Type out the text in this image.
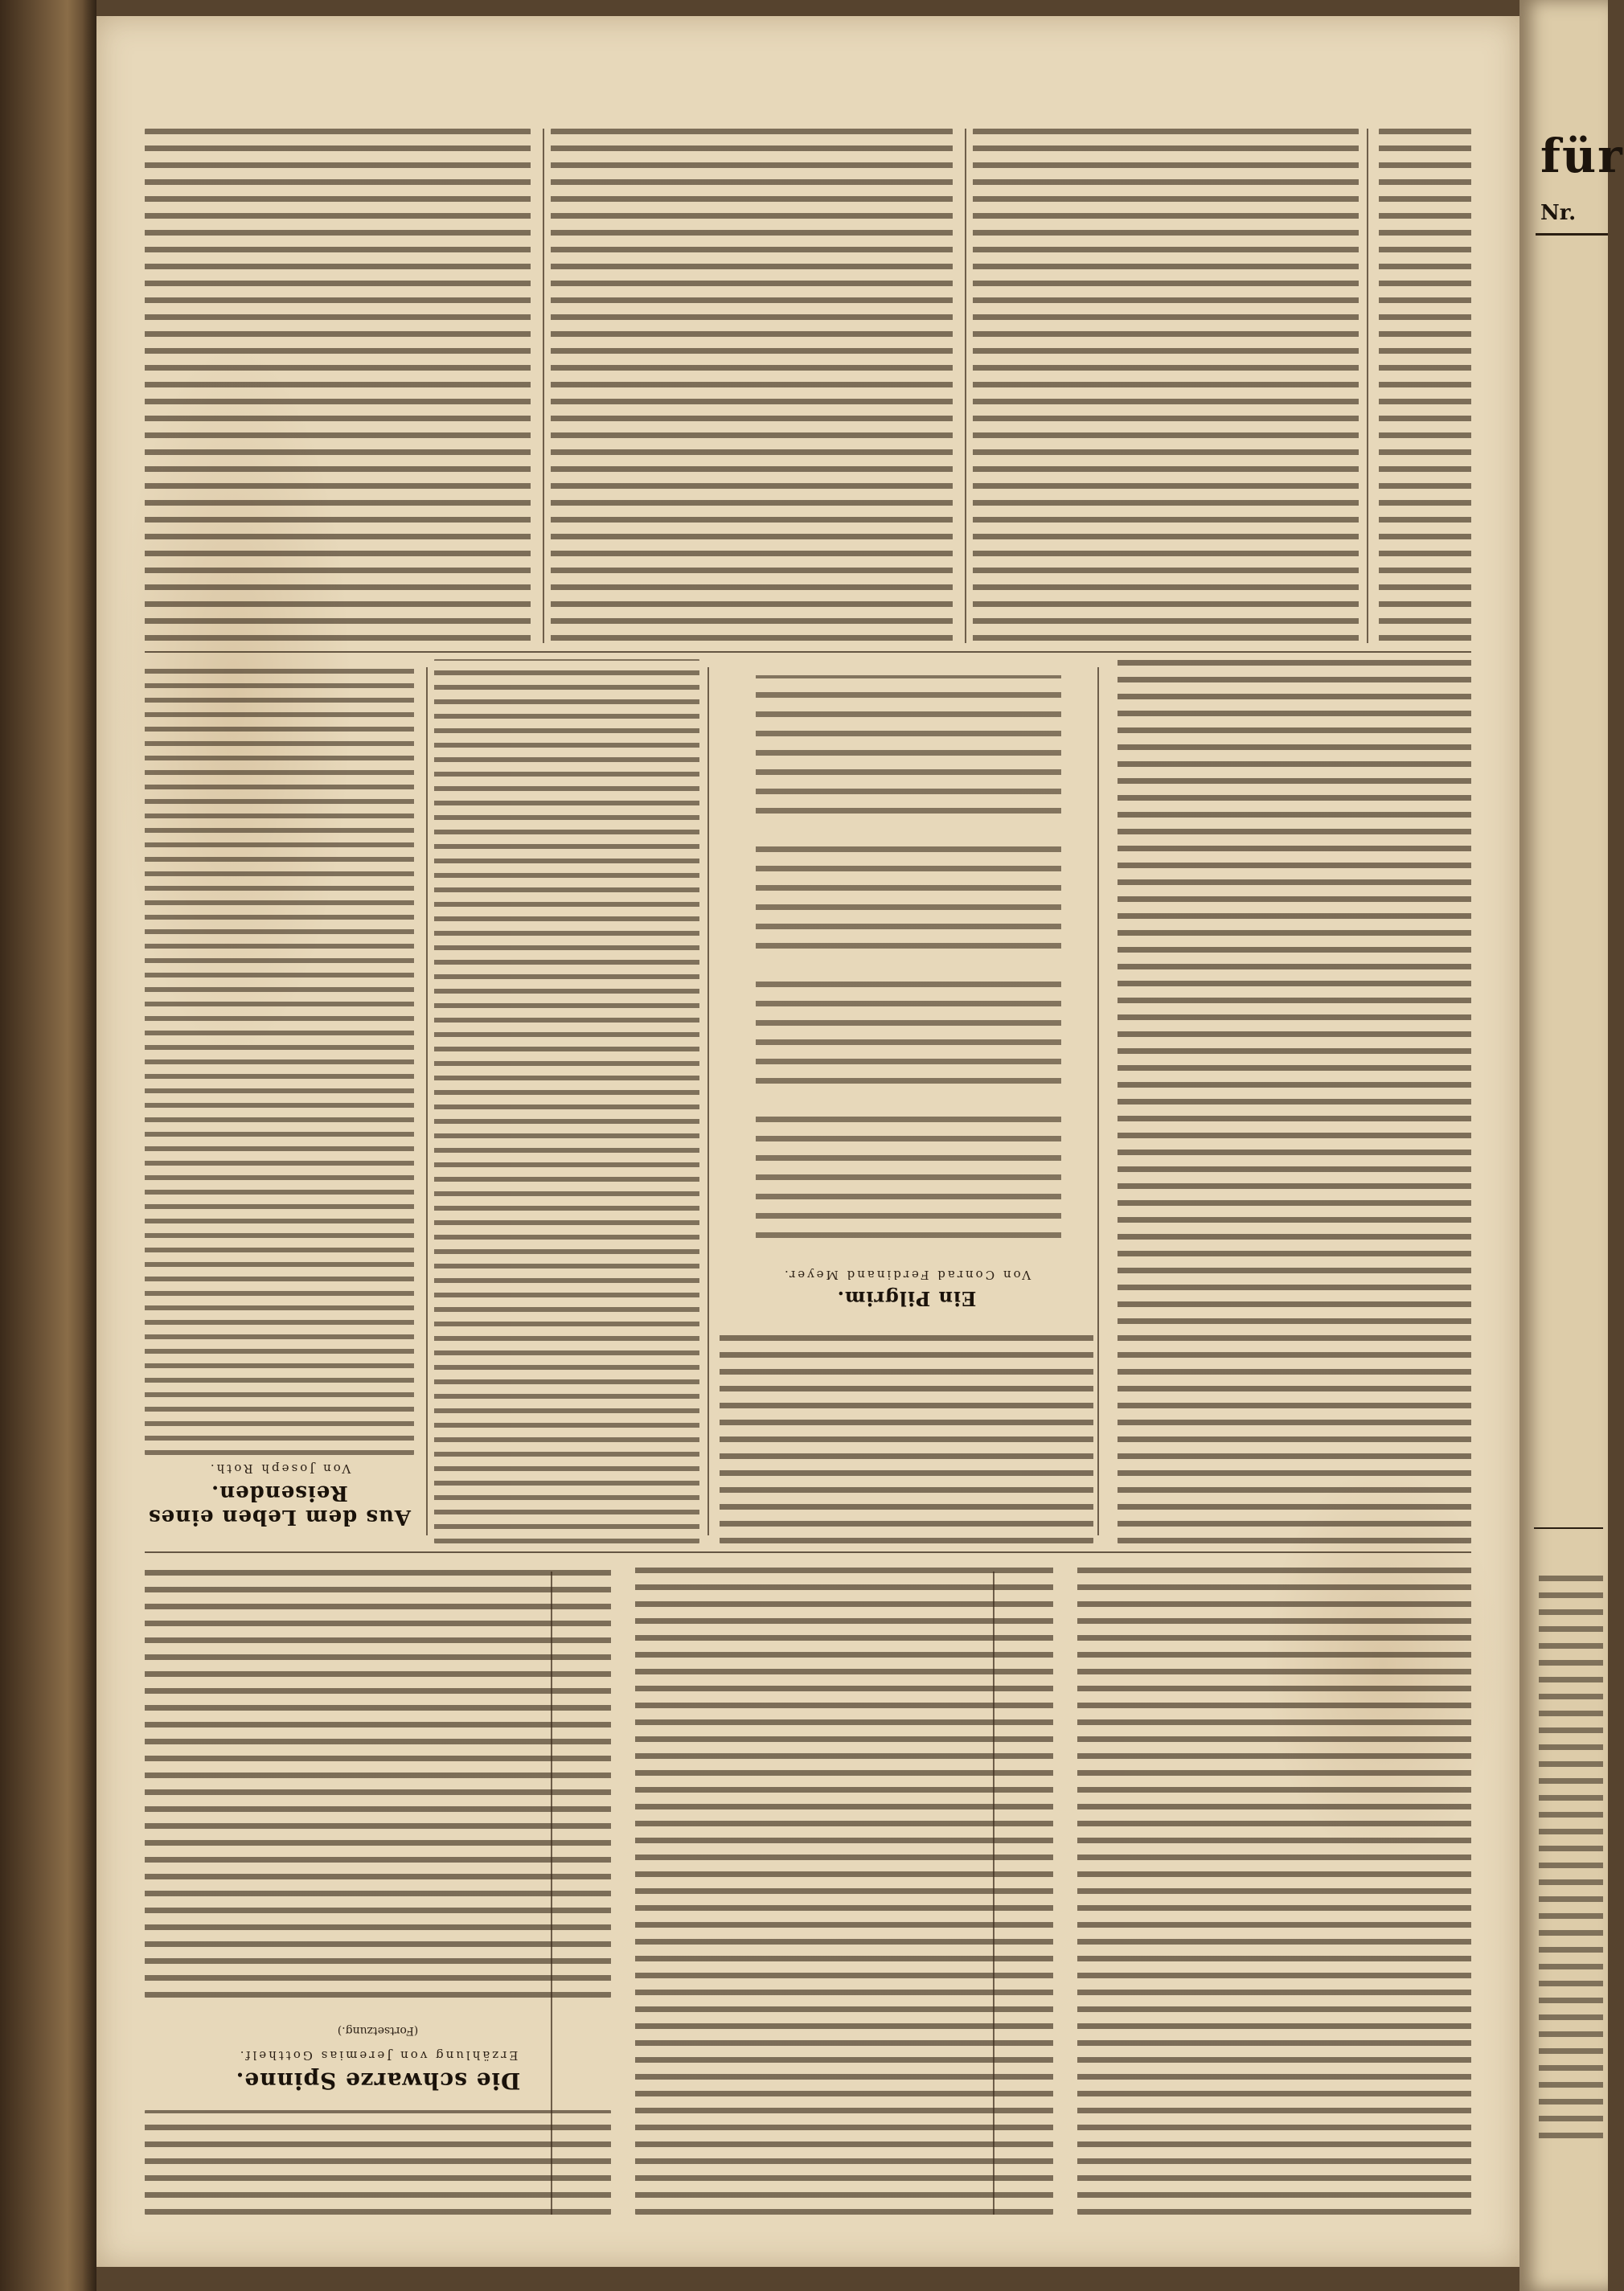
Aus dem Leben eines Reisenden.
Von Joseph Roth.
Ein Pilgrim.
Von Conrad Ferdinand Meyer.
Die schwarze Spinne.
Erzählung von Jeremias Gotthelf.
(Fortsetzung.)
für
Nr.
